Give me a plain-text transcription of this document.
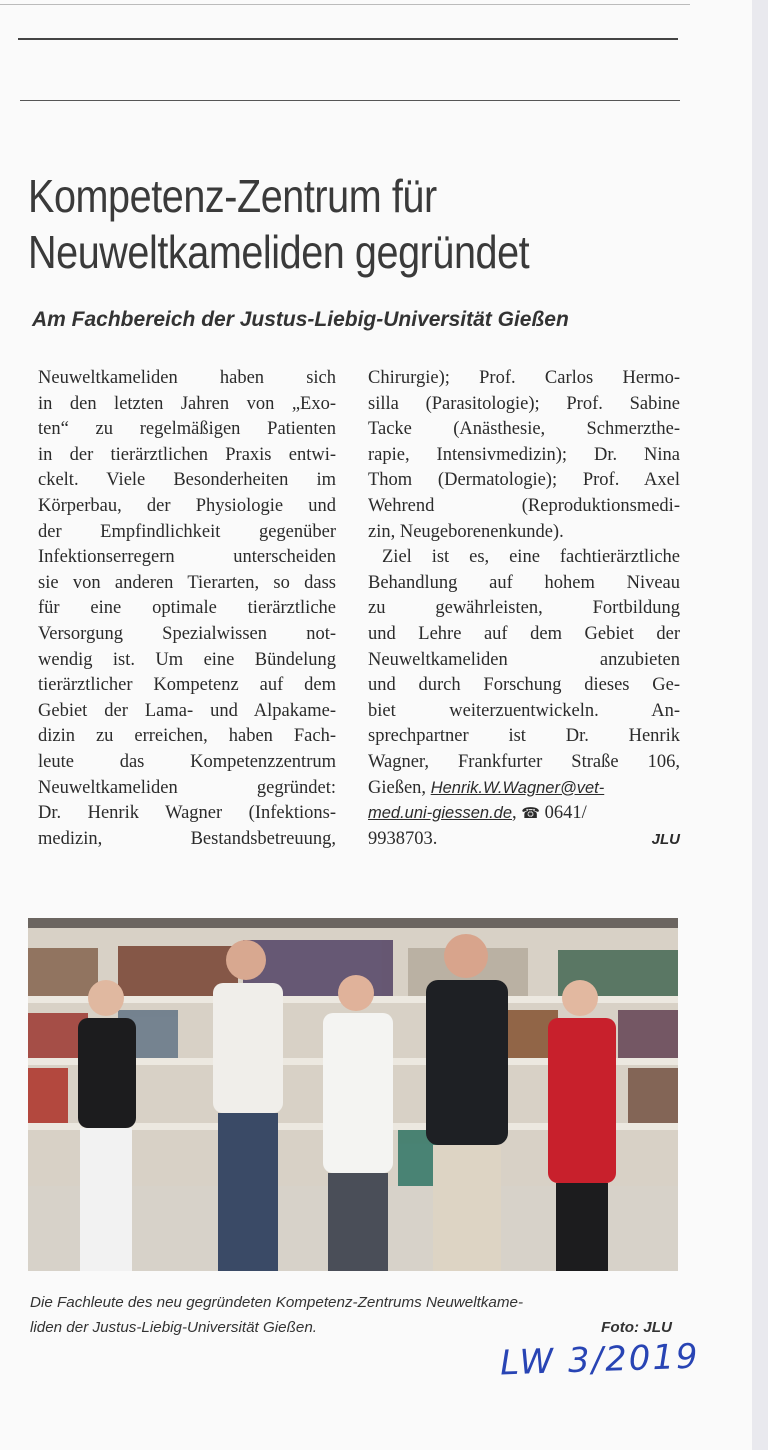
Kompetenz-Zentrum für
Neuweltkameliden gegründet
Am Fachbereich der Justus-Liebig-Universität Gießen
Neuweltkameliden haben sich
in den letzten Jahren von „Exo-
ten“ zu regelmäßigen Patienten
in der tierärztlichen Praxis entwi-
ckelt. Viele Besonderheiten im
Körperbau, der Physiologie und
der Empfindlichkeit gegenüber
Infektionserregern unterscheiden
sie von anderen Tierarten, so dass
für eine optimale tierärztliche
Versorgung Spezialwissen not-
wendig ist. Um eine Bündelung
tierärztlicher Kompetenz auf dem
Gebiet der Lama- und Alpakame-
dizin zu erreichen, haben Fach-
leute das Kompetenzzentrum
Neuweltkameliden gegründet:
Dr. Henrik Wagner (Infektions-
medizin, Bestandsbetreuung,
Chirurgie); Prof. Carlos Hermo-
silla (Parasitologie); Prof. Sabine
Tacke (Anästhesie, Schmerzthe-
rapie, Intensivmedizin); Dr. Nina
Thom (Dermatologie); Prof. Axel
Wehrend (Reproduktionsmedi-
zin, Neugeborenenkunde).
Ziel ist es, eine fachtierärztliche
Behandlung auf hohem Niveau
zu gewährleisten, Fortbildung
und Lehre auf dem Gebiet der
Neuweltkameliden anzubieten
und durch Forschung dieses Ge-
biet weiterzuentwickeln. An-
sprechpartner ist Dr. Henrik
Wagner, Frankfurter Straße 106,
Gießen, Henrik.W.Wagner@vet-
med.uni-giessen.de, ☎ 0641/
9938703.	JLU
Die Fachleute des neu gegründeten Kompetenz-Zentrums Neuweltkame-
liden der Justus-Liebig-Universität Gießen.	Foto: JLU
LW 3/2019
